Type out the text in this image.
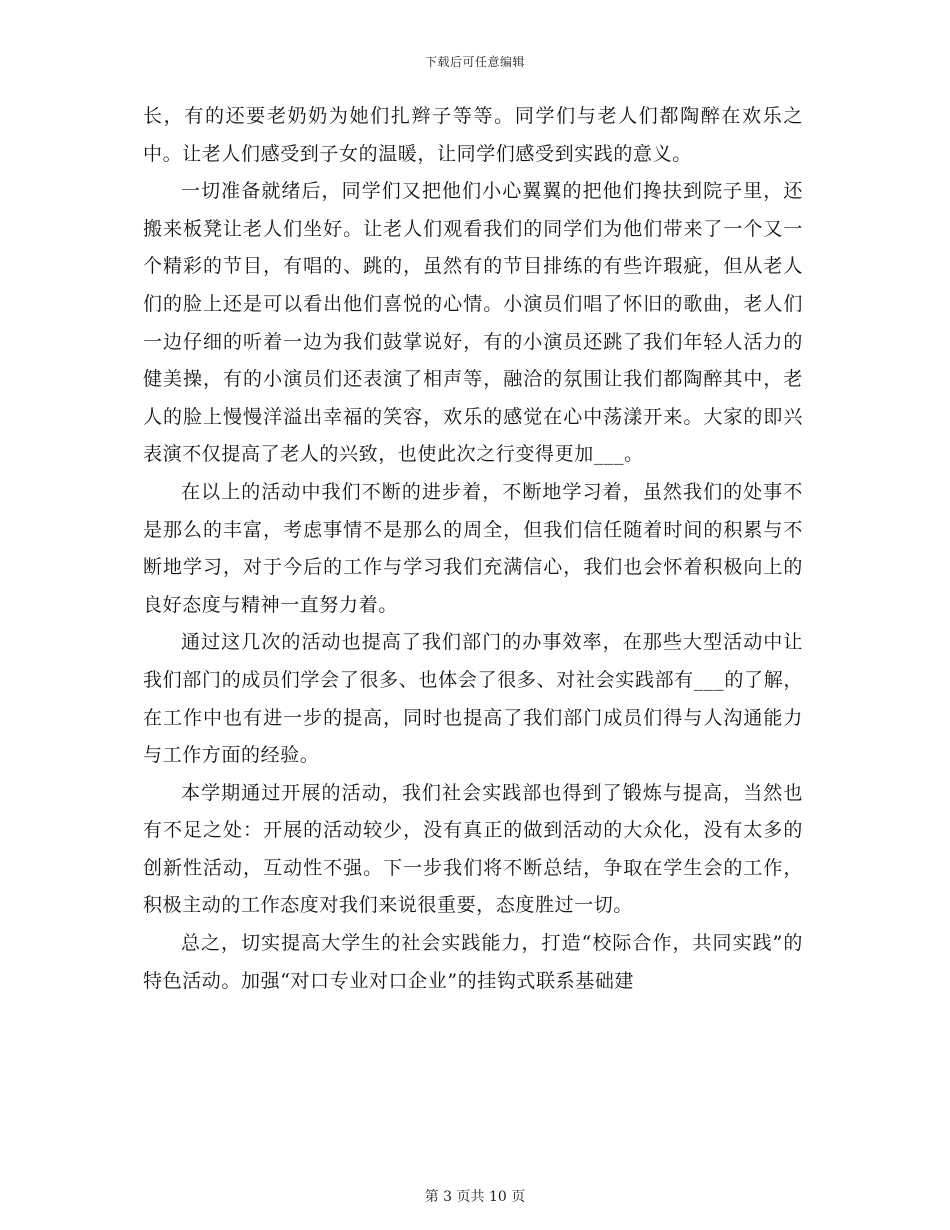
下载后可任意编辑

长，有的还要老奶奶为她们扎辫子等等。同学们与老人们都陶醉在欢乐之中。让老人们感受到子女的温暖，让同学们感受到实践的意义。

一切准备就绪后，同学们又把他们小心翼翼的把他们搀扶到院子里，还搬来板凳让老人们坐好。让老人们观看我们的同学们为他们带来了一个又一个精彩的节目，有唱的、跳的，虽然有的节目排练的有些许瑕疵，但从老人们的脸上还是可以看出他们喜悦的心情。小演员们唱了怀旧的歌曲，老人们一边仔细的听着一边为我们鼓掌说好，有的小演员还跳了我们年轻人活力的健美操，有的小演员们还表演了相声等，融洽的氛围让我们都陶醉其中，老人的脸上慢慢洋溢出幸福的笑容，欢乐的感觉在心中荡漾开来。大家的即兴表演不仅提高了老人的兴致，也使此次之行变得更加___。

在以上的活动中我们不断的进步着，不断地学习着，虽然我们的处事不是那么的丰富，考虑事情不是那么的周全，但我们信任随着时间的积累与不断地学习，对于今后的工作与学习我们充满信心，我们也会怀着积极向上的良好态度与精神一直努力着。

通过这几次的活动也提高了我们部门的办事效率，在那些大型活动中让我们部门的成员们学会了很多、也体会了很多、对社会实践部有___的了解，在工作中也有进一步的提高，同时也提高了我们部门成员们得与人沟通能力与工作方面的经验。

本学期通过开展的活动，我们社会实践部也得到了锻炼与提高，当然也有不足之处：开展的活动较少，没有真正的做到活动的大众化，没有太多的创新性活动，互动性不强。下一步我们将不断总结，争取在学生会的工作，积极主动的工作态度对我们来说很重要，态度胜过一切。

总之，切实提高大学生的社会实践能力，打造“校际合作，共同实践”的特色活动。加强“对口专业对口企业”的挂钩式联系基础建

第 3 页共 10 页
